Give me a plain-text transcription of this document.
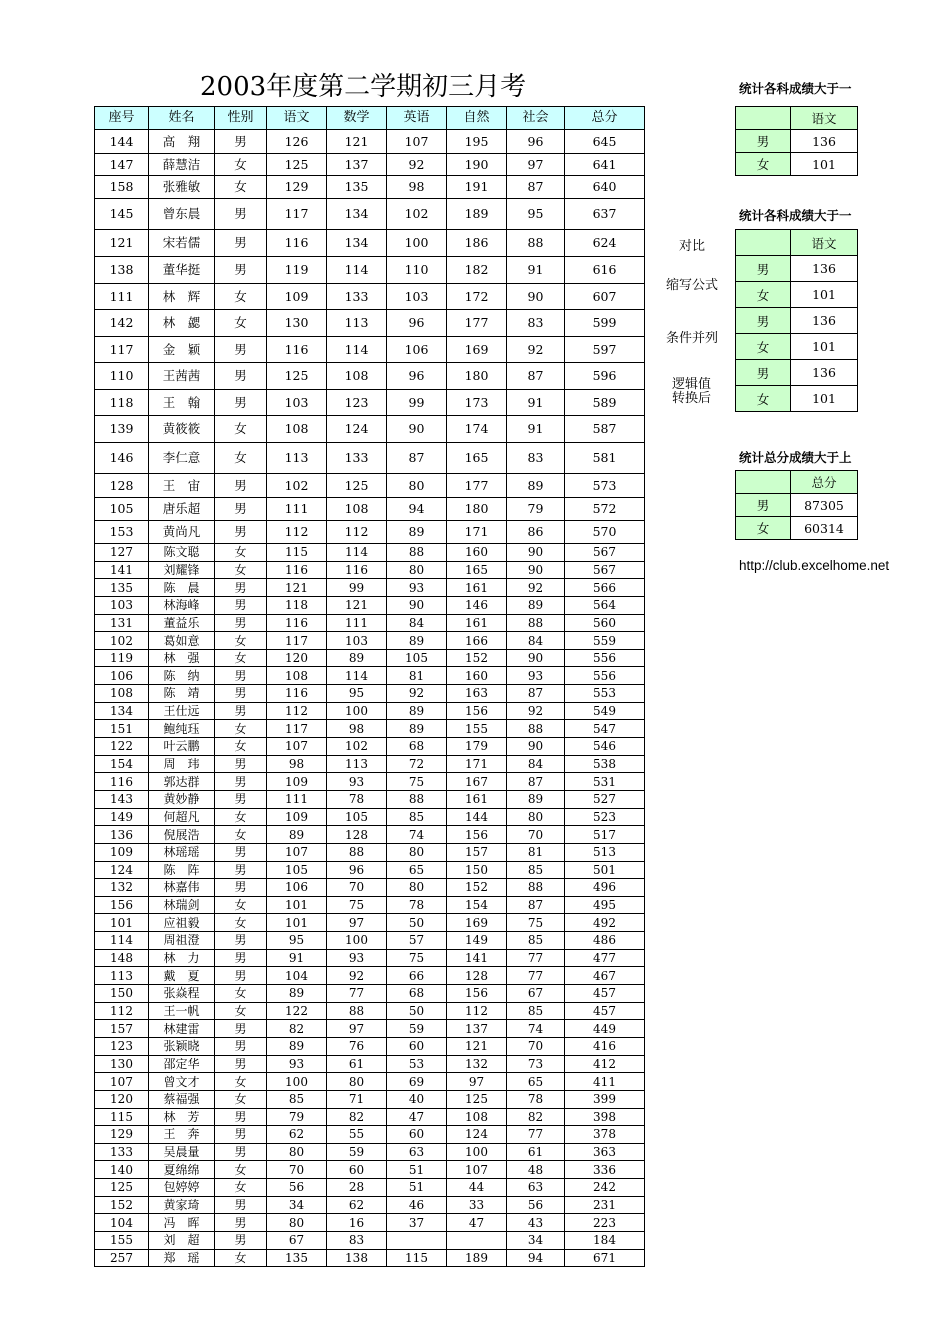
2003年度第二学期初三月考
座号	姓名	性别	语文	数学	英语	自然	社会	总分
144	高　翔	男	126	121	107	195	96	645
147	薛慧洁	女	125	137	92	190	97	641
158	张雅敏	女	129	135	98	191	87	640
145	曾东晨	男	117	134	102	189	95	637
121	宋若儒	男	116	134	100	186	88	624
138	董华挺	男	119	114	110	182	91	616
111	林　辉	女	109	133	103	172	90	607
142	林　勰	女	130	113	96	177	83	599
117	金　颖	男	116	114	106	169	92	597
110	王茜茜	男	125	108	96	180	87	596
118	王　翰	男	103	123	99	173	91	589
139	黄筱筱	女	108	124	90	174	91	587
146	李仁意	女	113	133	87	165	83	581
128	王　宙	男	102	125	80	177	89	573
105	唐乐超	男	111	108	94	180	79	572
153	黄尚凡	男	112	112	89	171	86	570
127	陈文聪	女	115	114	88	160	90	567
141	刘耀锋	女	116	116	80	165	90	567
135	陈　晨	男	121	99	93	161	92	566
103	林海峰	男	118	121	90	146	89	564
131	董益乐	男	116	111	84	161	88	560
102	葛如意	女	117	103	89	166	84	559
119	林　强	女	120	89	105	152	90	556
106	陈　纳	男	108	114	81	160	93	556
108	陈　靖	男	116	95	92	163	87	553
134	王仕远	男	112	100	89	156	92	549
151	鲍纯珏	女	117	98	89	155	88	547
122	叶云鹏	女	107	102	68	179	90	546
154	周　玮	男	98	113	72	171	84	538
116	郭达群	男	109	93	75	167	87	531
143	黄妙静	男	111	78	88	161	89	527
149	何超凡	女	109	105	85	144	80	523
136	倪展浩	女	89	128	74	156	70	517
109	林瑶瑶	男	107	88	80	157	81	513
124	陈　阵	男	105	96	65	150	85	501
132	林嘉伟	男	106	70	80	152	88	496
156	林瑞剑	女	101	75	78	154	87	495
101	应祖毅	女	101	97	50	169	75	492
114	周祖澄	男	95	100	57	149	85	486
148	林　力	男	91	93	75	141	77	477
113	戴　夏	男	104	92	66	128	77	467
150	张焱程	女	89	77	68	156	67	457
112	王一帆	女	122	88	50	112	85	457
157	林建雷	男	82	97	59	137	74	449
123	张颖晓	男	89	76	60	121	70	416
130	邵定华	男	93	61	53	132	73	412
107	曾文才	女	100	80	69	97	65	411
120	蔡福强	女	85	71	40	125	78	399
115	林　芳	男	79	82	47	108	82	398
129	王　奔	男	62	55	60	124	77	378
133	吴晨量	男	80	59	63	100	61	363
140	夏绵绵	女	70	60	51	107	48	336
125	包婷婷	女	56	28	51	44	63	242
152	黄家琦	男	34	62	46	33	56	231
104	冯　晖	男	80	16	37	47	43	223
155	刘　超	男	67	83			34	184
257	郑　瑶	女	135	138	115	189	94	671
统计各科成绩大于一
	语文
男	136
女	101
统计各科成绩大于一
对比
缩写公式
条件并列
逻辑值
转换后
	语文
男	136
女	101
男	136
女	101
男	136
女	101
统计总分成绩大于上
	总分
男	87305
女	60314
http://club.excelhome.net
